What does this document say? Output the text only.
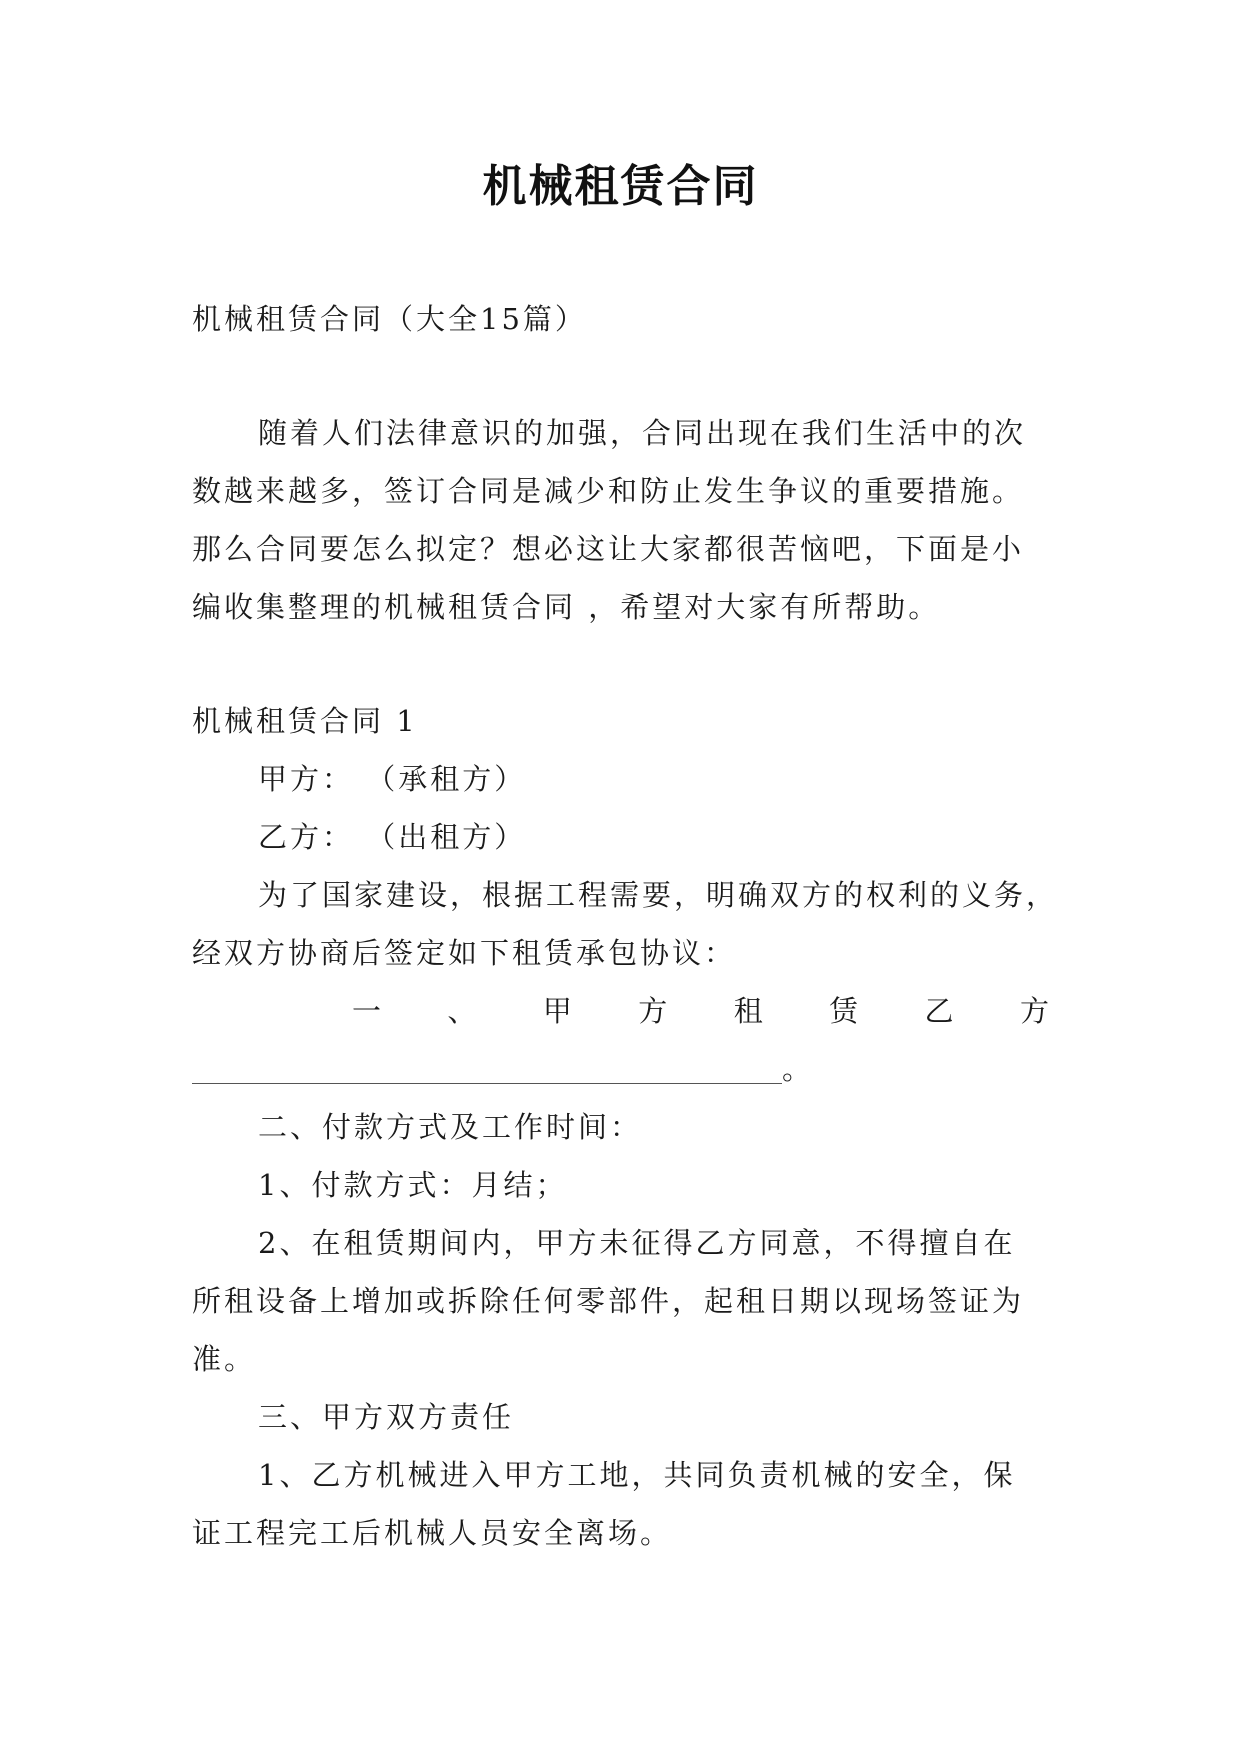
机械租赁合同
机械租赁合同（大全15篇）
随着人们法律意识的加强，合同出现在我们生活中的次
数越来越多，签订合同是减少和防止发生争议的重要措施。
那么合同要怎么拟定？想必这让大家都很苦恼吧，下面是小
编收集整理的机械租赁合同 ，希望对大家有所帮助。
机械租赁合同 1
甲方： （承租方）
乙方： （出租方）
为了国家建设，根据工程需要，明确双方的权利的义务，
经双方协商后签定如下租赁承包协议：
一 、 甲 方 租 赁 乙 方
。
二、付款方式及工作时间：
1、付款方式：月结；
2、在租赁期间内，甲方未征得乙方同意，不得擅自在
所租设备上增加或拆除任何零部件，起租日期以现场签证为
准。
三、甲方双方责任
1、乙方机械进入甲方工地，共同负责机械的安全，保
证工程完工后机械人员安全离场。
